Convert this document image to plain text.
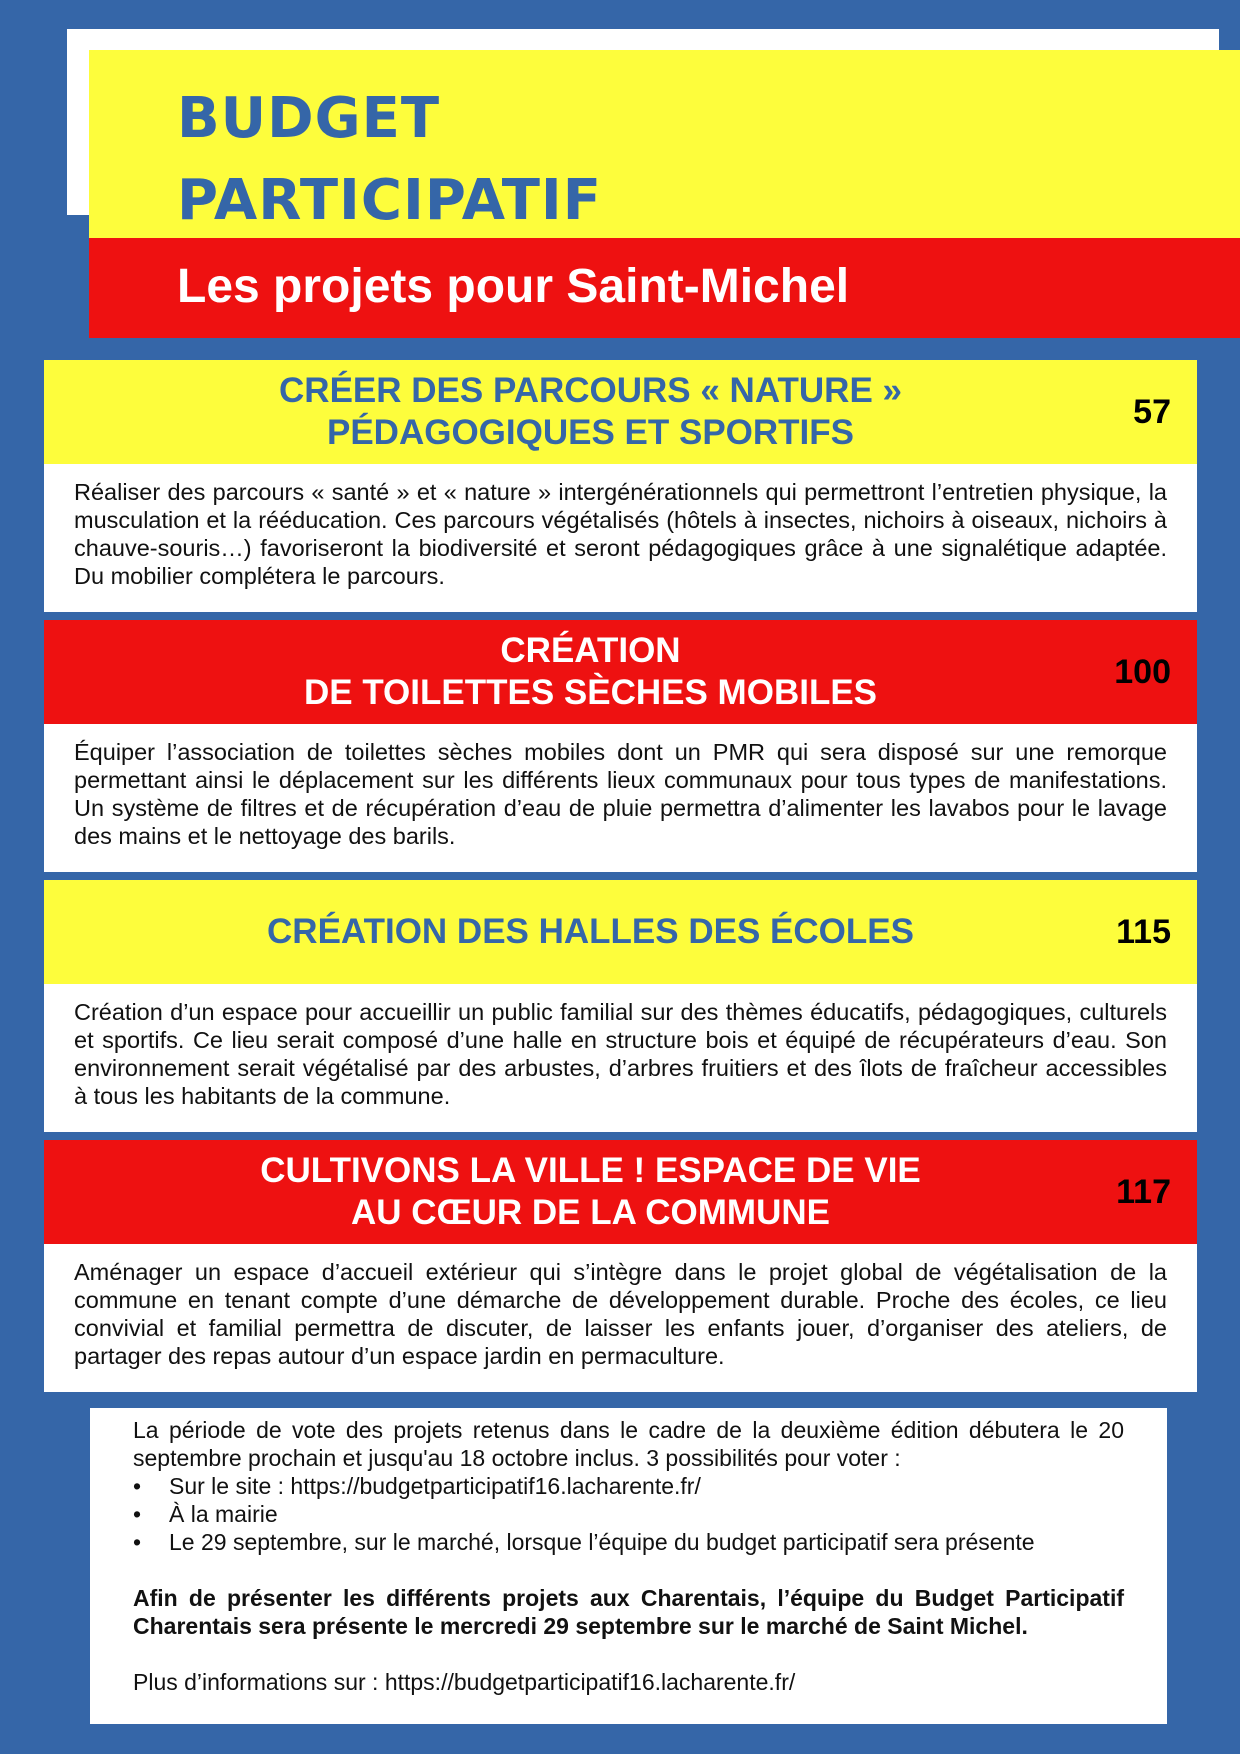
BUDGET
PARTICIPATIF
Les projets pour Saint-Michel
CRÉER DES PARCOURS « NATURE »
PÉDAGOGIQUES ET SPORTIFS
57
Réaliser des parcours « santé » et « nature » intergénérationnels qui permettront l’entretien physique, la musculation et la rééducation. Ces parcours végétalisés (hôtels à insectes, nichoirs à oiseaux, nichoirs à chauve-souris…) favoriseront la biodiversité et seront pédagogiques grâce à une signalétique adaptée. Du mobilier complétera le parcours.
CRÉATION
DE TOILETTES SÈCHES MOBILES
100
Équiper l’association de toilettes sèches mobiles dont un PMR qui sera disposé sur une remorque permettant ainsi le déplacement sur les différents lieux communaux pour tous types de manifestations. Un système de filtres et de récupération d’eau de pluie permettra d’alimenter les lavabos pour le lavage des mains et le nettoyage des barils.
CRÉATION DES HALLES DES ÉCOLES	115
Création d’un espace pour accueillir un public familial sur des thèmes éducatifs, pédagogiques, culturels et sportifs. Ce lieu serait composé d’une halle en structure bois et équipé de récupérateurs d’eau. Son environnement serait végétalisé par des arbustes, d’arbres fruitiers et des îlots de fraîcheur accessibles à tous les habitants de la commune.
CULTIVONS LA VILLE ! ESPACE DE VIE
AU CŒUR DE LA COMMUNE
117
Aménager un espace d’accueil extérieur qui s’intègre dans le projet global de végétalisation de la commune en tenant compte d’une démarche de développement durable. Proche des écoles, ce lieu convivial et familial permettra de discuter, de laisser les enfants jouer, d’organiser des ateliers, de partager des repas autour d’un espace jardin en permaculture.

La période de vote des projets retenus dans le cadre de la deuxième édition débutera le 20 septembre prochain et jusqu'au 18 octobre inclus. 3 possibilités pour voter :

• Sur le site : https://budgetparticipatif16.lacharente.fr/
• À la mairie
• Le 29 septembre, sur le marché, lorsque l’équipe du budget participatif sera présente

Afin de présenter les différents projets aux Charentais, l’équipe du Budget Participatif Charentais sera présente le mercredi 29 septembre sur le marché de Saint Michel.

Plus d’informations sur : https://budgetparticipatif16.lacharente.fr/
